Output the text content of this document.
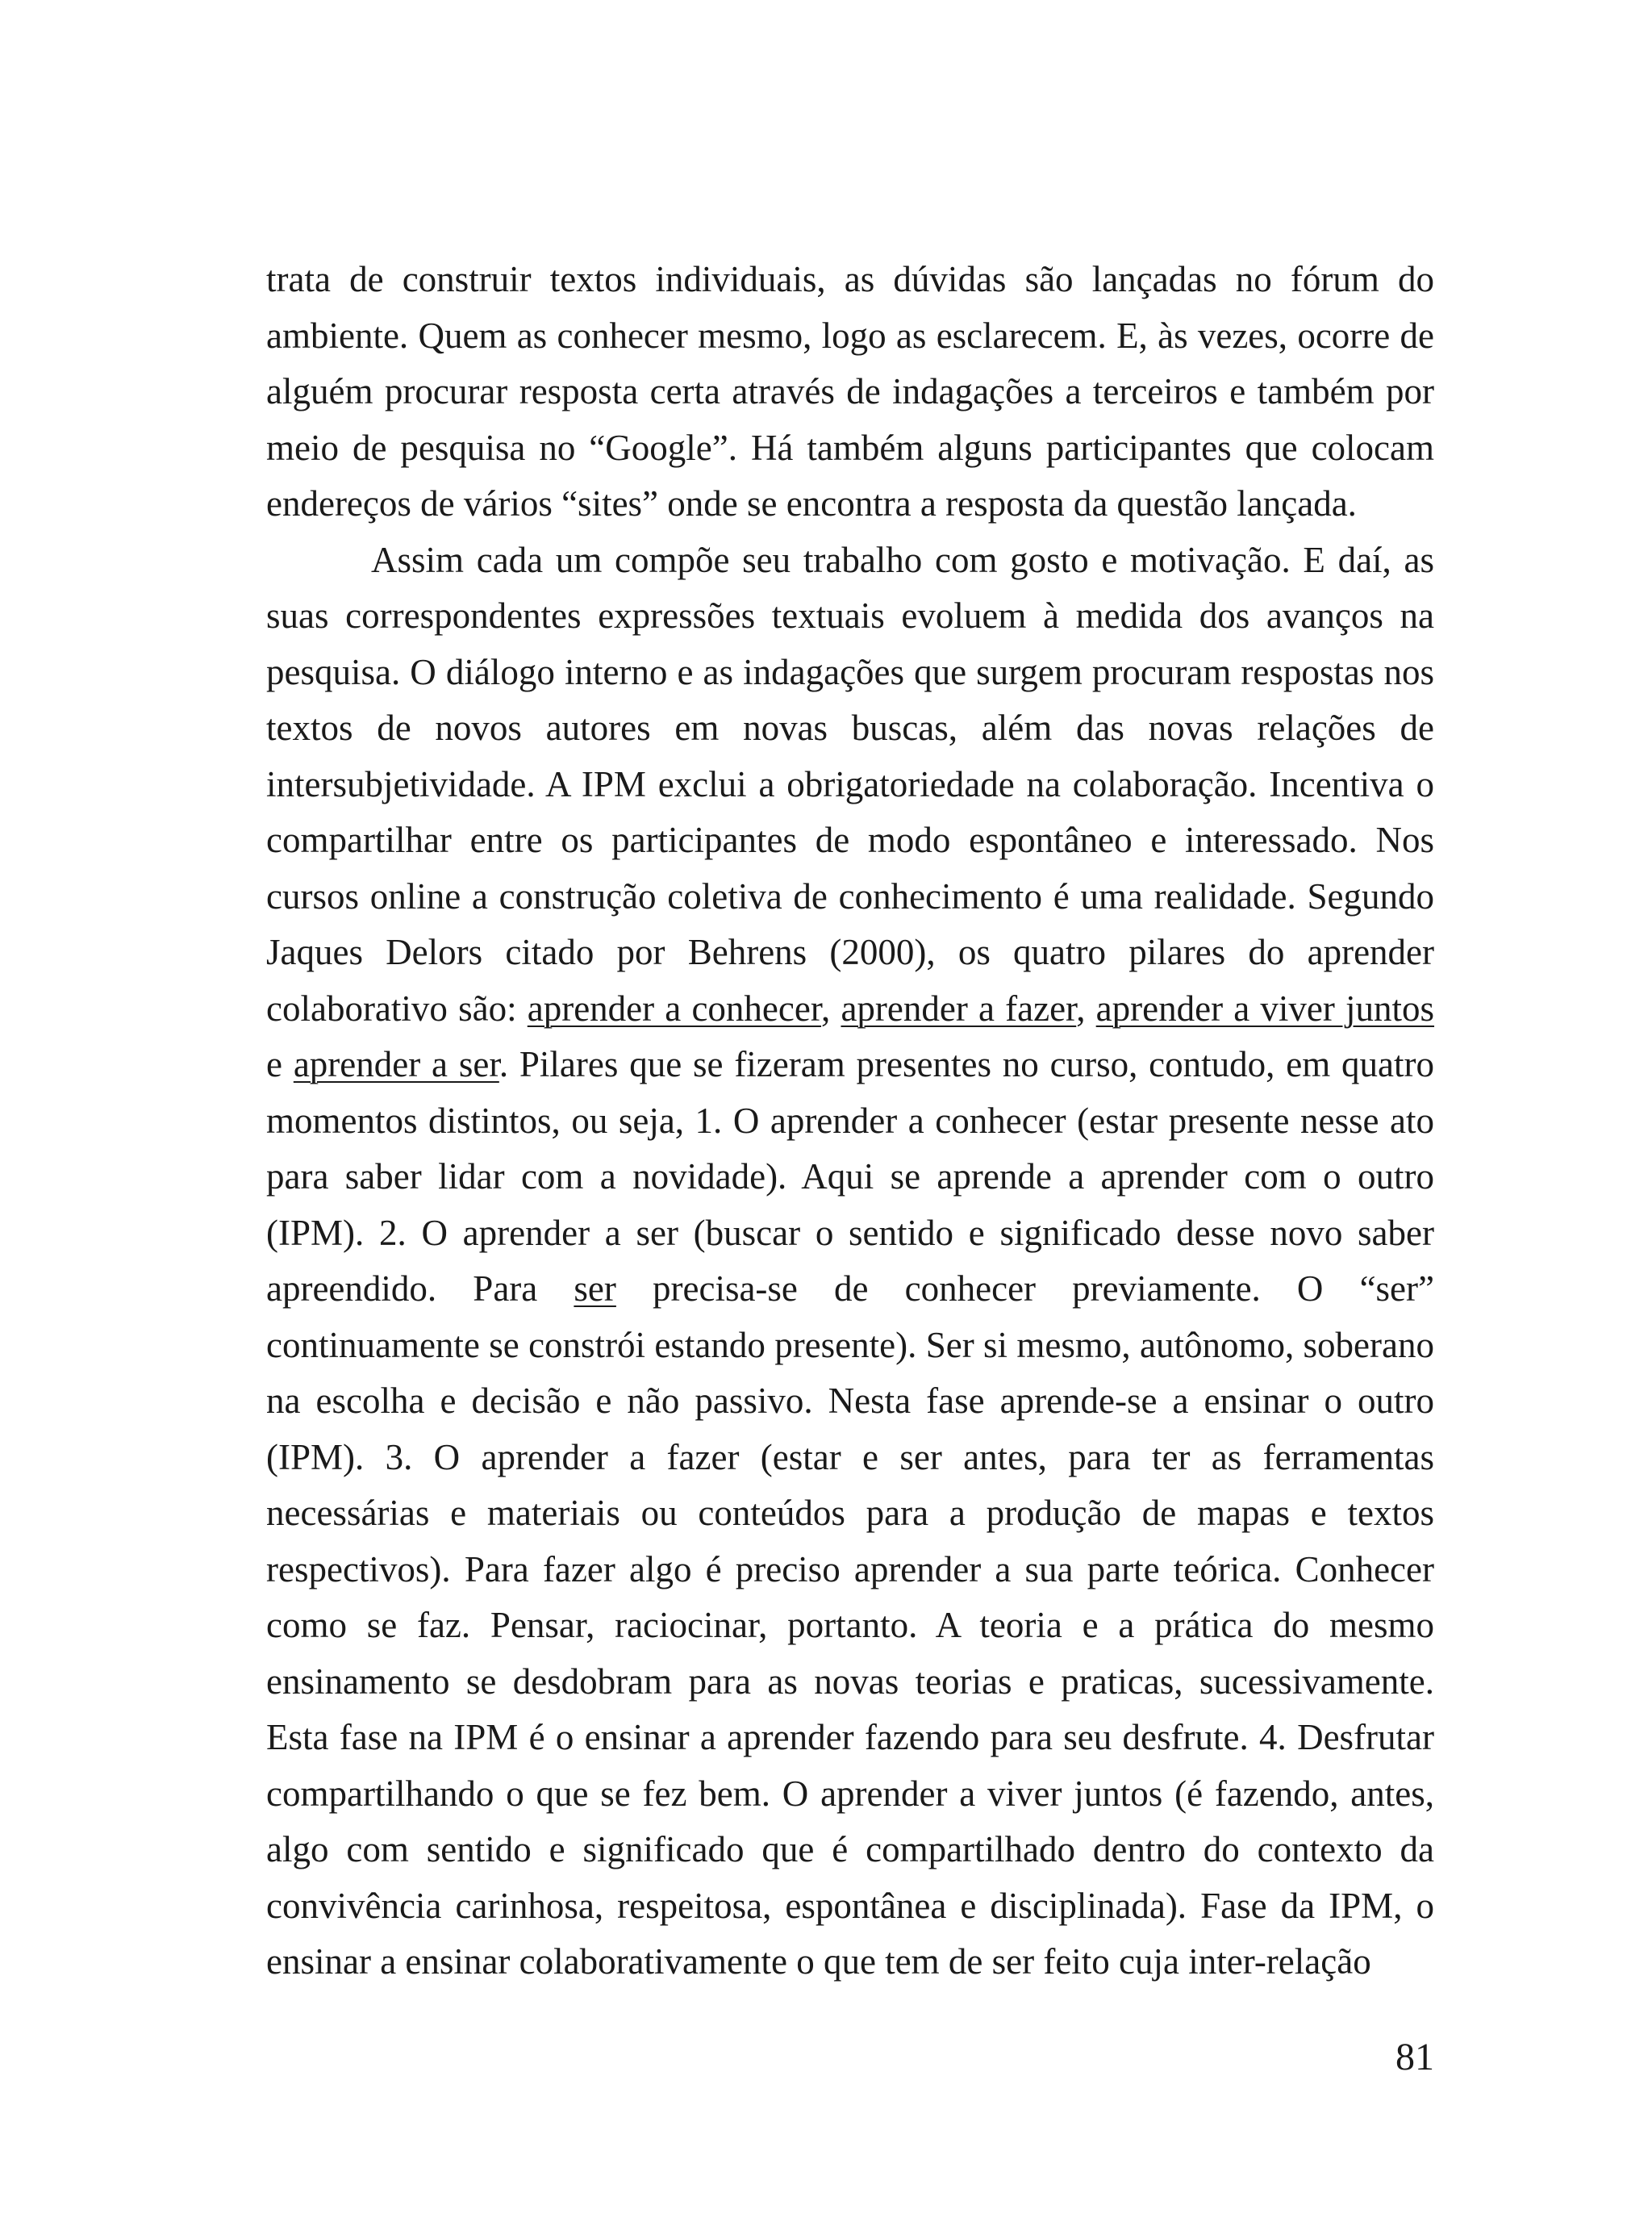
trata de construir textos individuais, as dúvidas são lançadas no fórum do ambiente. Quem as conhecer mesmo, logo as esclarecem. E, às vezes, ocorre de alguém procurar resposta certa através de indagações a terceiros e também por meio de pesquisa no “Google”. Há também alguns participantes que colocam endereços de vários “sites” onde se encontra a resposta da questão lançada.

Assim cada um compõe seu trabalho com gosto e motivação. E daí, as suas correspondentes expressões textuais evoluem à medida dos avanços na pesquisa. O diálogo interno e as indagações que surgem procuram respostas nos textos de novos autores em novas buscas, além das novas relações de intersubjetividade. A IPM exclui a obrigatoriedade na colaboração. Incentiva o compartilhar entre os participantes de modo espontâneo e interessado. Nos cursos online a construção coletiva de conhecimento é uma realidade. Segundo Jaques Delors citado por Behrens (2000), os quatro pilares do aprender colaborativo são: aprender a conhecer, aprender a fazer, aprender a viver juntos e aprender a ser. Pilares que se fizeram presentes no curso, contudo, em quatro momentos distintos, ou seja, 1. O aprender a conhecer (estar presente nesse ato para saber lidar com a novidade). Aqui se aprende a aprender com o outro (IPM). 2. O aprender a ser (buscar o sentido e significado desse novo saber apreendido. Para ser precisa-se de conhecer previamente. O “ser” continuamente se constrói estando presente). Ser si mesmo, autônomo, soberano na escolha e decisão e não passivo. Nesta fase aprende-se a ensinar o outro (IPM). 3. O aprender a fazer (estar e ser antes, para ter as ferramentas necessárias e materiais ou conteúdos para a produção de mapas e textos respectivos). Para fazer algo é preciso aprender a sua parte teórica. Conhecer como se faz. Pensar, raciocinar, portanto. A teoria e a prática do mesmo ensinamento se desdobram para as novas teorias e praticas, sucessivamente. Esta fase na IPM é o ensinar a aprender fazendo para seu desfrute. 4. Desfrutar compartilhando o que se fez bem. O aprender a viver juntos (é fazendo, antes, algo com sentido e significado que é compartilhado dentro do contexto da convivência carinhosa, respeitosa, espontânea e disciplinada). Fase da IPM, o ensinar a ensinar colaborativamente o que tem de ser feito cuja inter-relação

81
